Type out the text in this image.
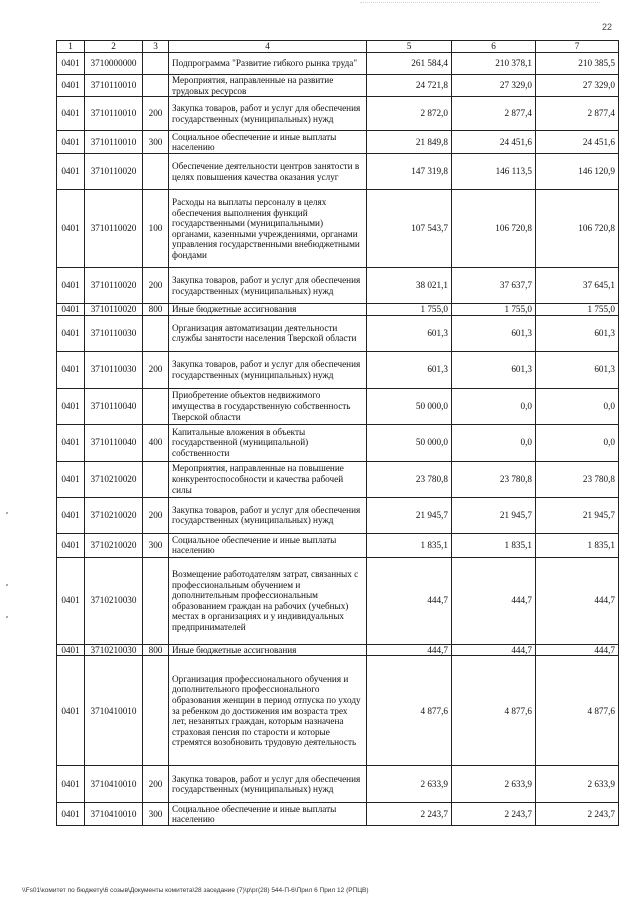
22
1	2	3	4	5	6	7
0401	3710000000		Подпрограмма "Развитие гибкого рынка труда"	261 584,4	210 378,1	210 385,5
0401	3710110010		Мероприятия, направленные на развитие трудовых ресурсов	24 721,8	27 329,0	27 329,0
0401	3710110010	200	Закупка товаров, работ и услуг для обеспечения государственных (муниципальных) нужд	2 872,0	2 877,4	2 877,4
0401	3710110010	300	Социальное обеспечение и иные выплаты населению	21 849,8	24 451,6	24 451,6
0401	3710110020		Обеспечение деятельности центров занятости в целях повышения качества оказания услуг	147 319,8	146 113,5	146 120,9
0401	3710110020	100	Расходы на выплаты персоналу в целях обеспечения выполнения функций государственными (муниципальными) органами, казенными учреждениями, органами управления государственными внебюджетными фондами	107 543,7	106 720,8	106 720,8
0401	3710110020	200	Закупка товаров, работ и услуг для обеспечения государственных (муниципальных) нужд	38 021,1	37 637,7	37 645,1
0401	3710110020	800	Иные бюджетные ассигнования	1 755,0	1 755,0	1 755,0
0401	3710110030		Организация автоматизации деятельности службы занятости населения Тверской области	601,3	601,3	601,3
0401	3710110030	200	Закупка товаров, работ и услуг для обеспечения государственных (муниципальных) нужд	601,3	601,3	601,3
0401	3710110040		Приобретение объектов недвижимого имущества в государственную собственность Тверской области	50 000,0	0,0	0,0
0401	3710110040	400	Капитальные вложения в объекты государственной (муниципальной) собственности	50 000,0	0,0	0,0
0401	3710210020		Мероприятия, направленные на повышение конкурентоспособности и качества рабочей силы	23 780,8	23 780,8	23 780,8
0401	3710210020	200	Закупка товаров, работ и услуг для обеспечения государственных (муниципальных) нужд	21 945,7	21 945,7	21 945,7
0401	3710210020	300	Социальное обеспечение и иные выплаты населению	1 835,1	1 835,1	1 835,1
0401	3710210030		Возмещение работодателям затрат, связанных с профессиональным обучением и дополнительным профессиональным образованием граждан на рабочих (учебных) местах в организациях и у индивидуальных предпринимателей	444,7	444,7	444,7
0401	3710210030	800	Иные бюджетные ассигнования	444,7	444,7	444,7
0401	3710410010		Организация профессионального обучения и дополнительного профессионального образования женщин в период отпуска по уходу за ребенком до достижения им возраста трех лет, незанятых граждан, которым назначена страховая пенсия по старости и которые стремятся возобновить трудовую деятельность	4 877,6	4 877,6	4 877,6
0401	3710410010	200	Закупка товаров, работ и услуг для обеспечения государственных (муниципальных) нужд	2 633,9	2 633,9	2 633,9
0401	3710410010	300	Социальное обеспечение и иные выплаты населению	2 243,7	2 243,7	2 243,7
\\Fs01\комитет по бюджету\6 созыв\Документы комитета\28 заседание (7)\р\рг(28) 544-П-6\Прил 6 Прил 12 (РПЦВ)
